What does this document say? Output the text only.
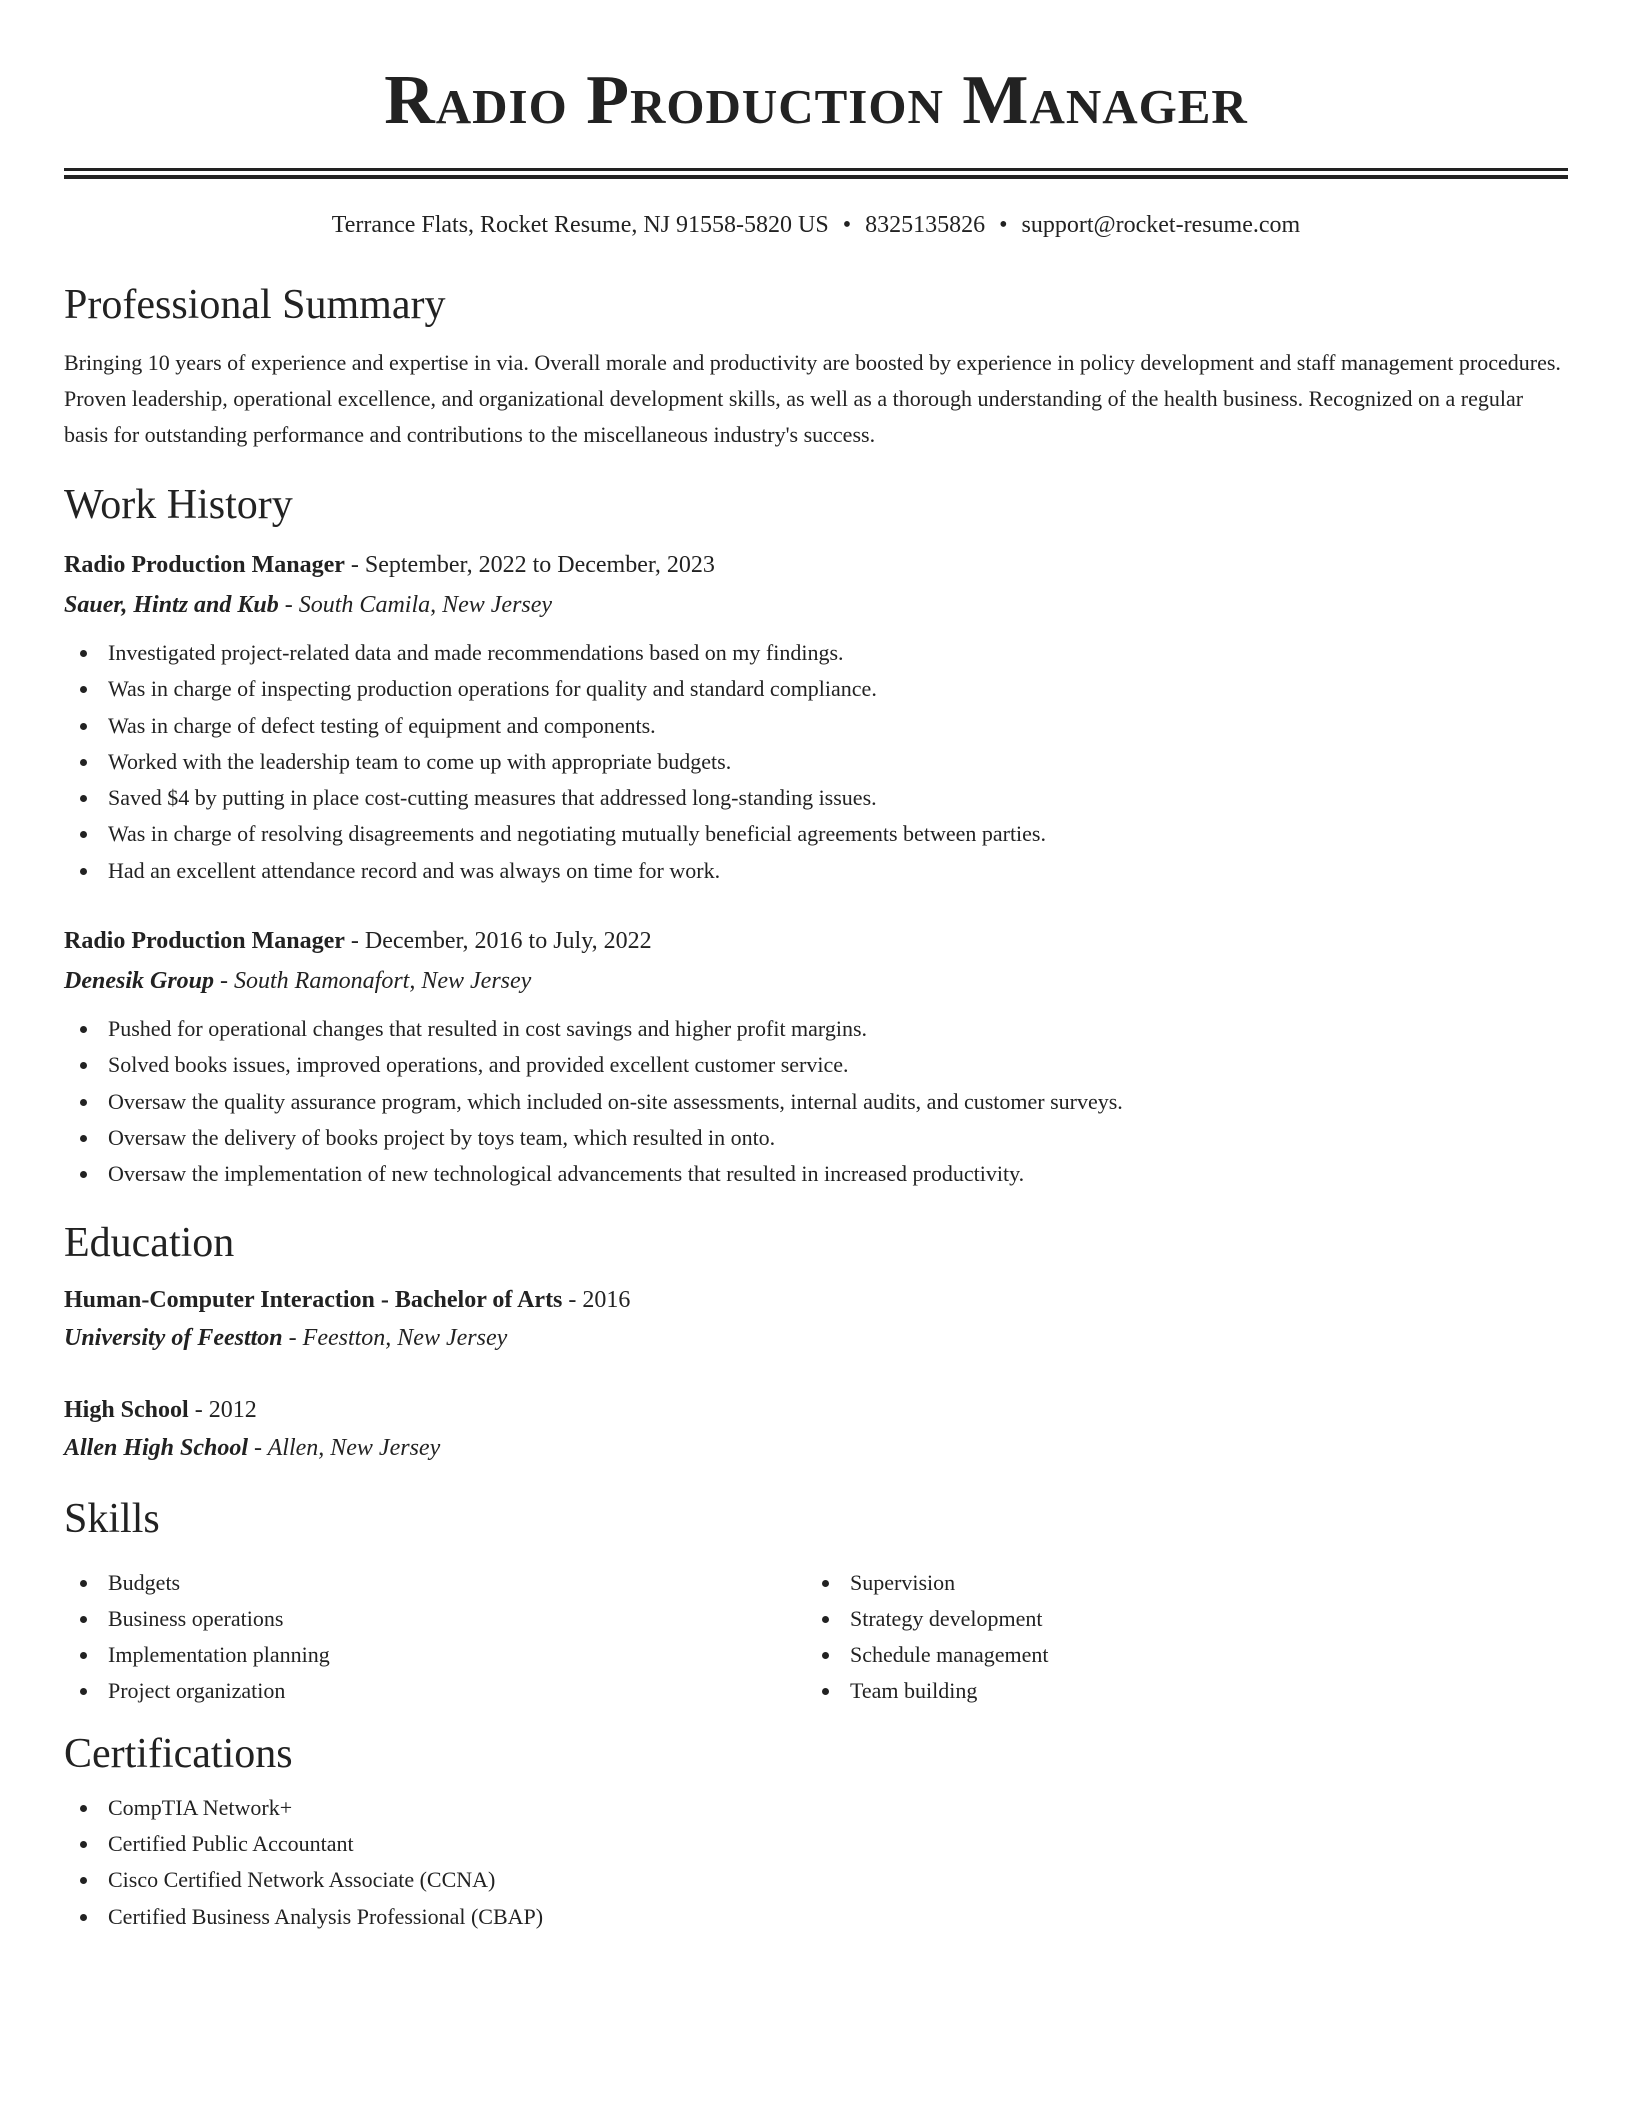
Radio Production Manager
Terrance Flats, Rocket Resume, NJ 91558-5820 US • 8325135826 • support@rocket-resume.com
Professional Summary

Bringing 10 years of experience and expertise in via. Overall morale and productivity are boosted by experience in policy development and staff management procedures. Proven leadership, operational excellence, and organizational development skills, as well as a thorough understanding of the health business. Recognized on a regular basis for outstanding performance and contributions to the miscellaneous industry's success.

Work History
Radio Production Manager - September, 2022 to December, 2023
Sauer, Hintz and Kub - South Camila, New Jersey
Investigated project-related data and made recommendations based on my findings.
Was in charge of inspecting production operations for quality and standard compliance.
Was in charge of defect testing of equipment and components.
Worked with the leadership team to come up with appropriate budgets.
Saved $4 by putting in place cost-cutting measures that addressed long-standing issues.
Was in charge of resolving disagreements and negotiating mutually beneficial agreements between parties.
Had an excellent attendance record and was always on time for work.
Radio Production Manager - December, 2016 to July, 2022
Denesik Group - South Ramonafort, New Jersey
Pushed for operational changes that resulted in cost savings and higher profit margins.
Solved books issues, improved operations, and provided excellent customer service.
Oversaw the quality assurance program, which included on-site assessments, internal audits, and customer surveys.
Oversaw the delivery of books project by toys team, which resulted in onto.
Oversaw the implementation of new technological advancements that resulted in increased productivity.
Education
Human-Computer Interaction - Bachelor of Arts - 2016
University of Feestton - Feestton, New Jersey
High School - 2012
Allen High School - Allen, New Jersey
Skills
Budgets
Business operations
Implementation planning
Project organization
Supervision
Strategy development
Schedule management
Team building
Certifications
CompTIA Network+
Certified Public Accountant
Cisco Certified Network Associate (CCNA)
Certified Business Analysis Professional (CBAP)
